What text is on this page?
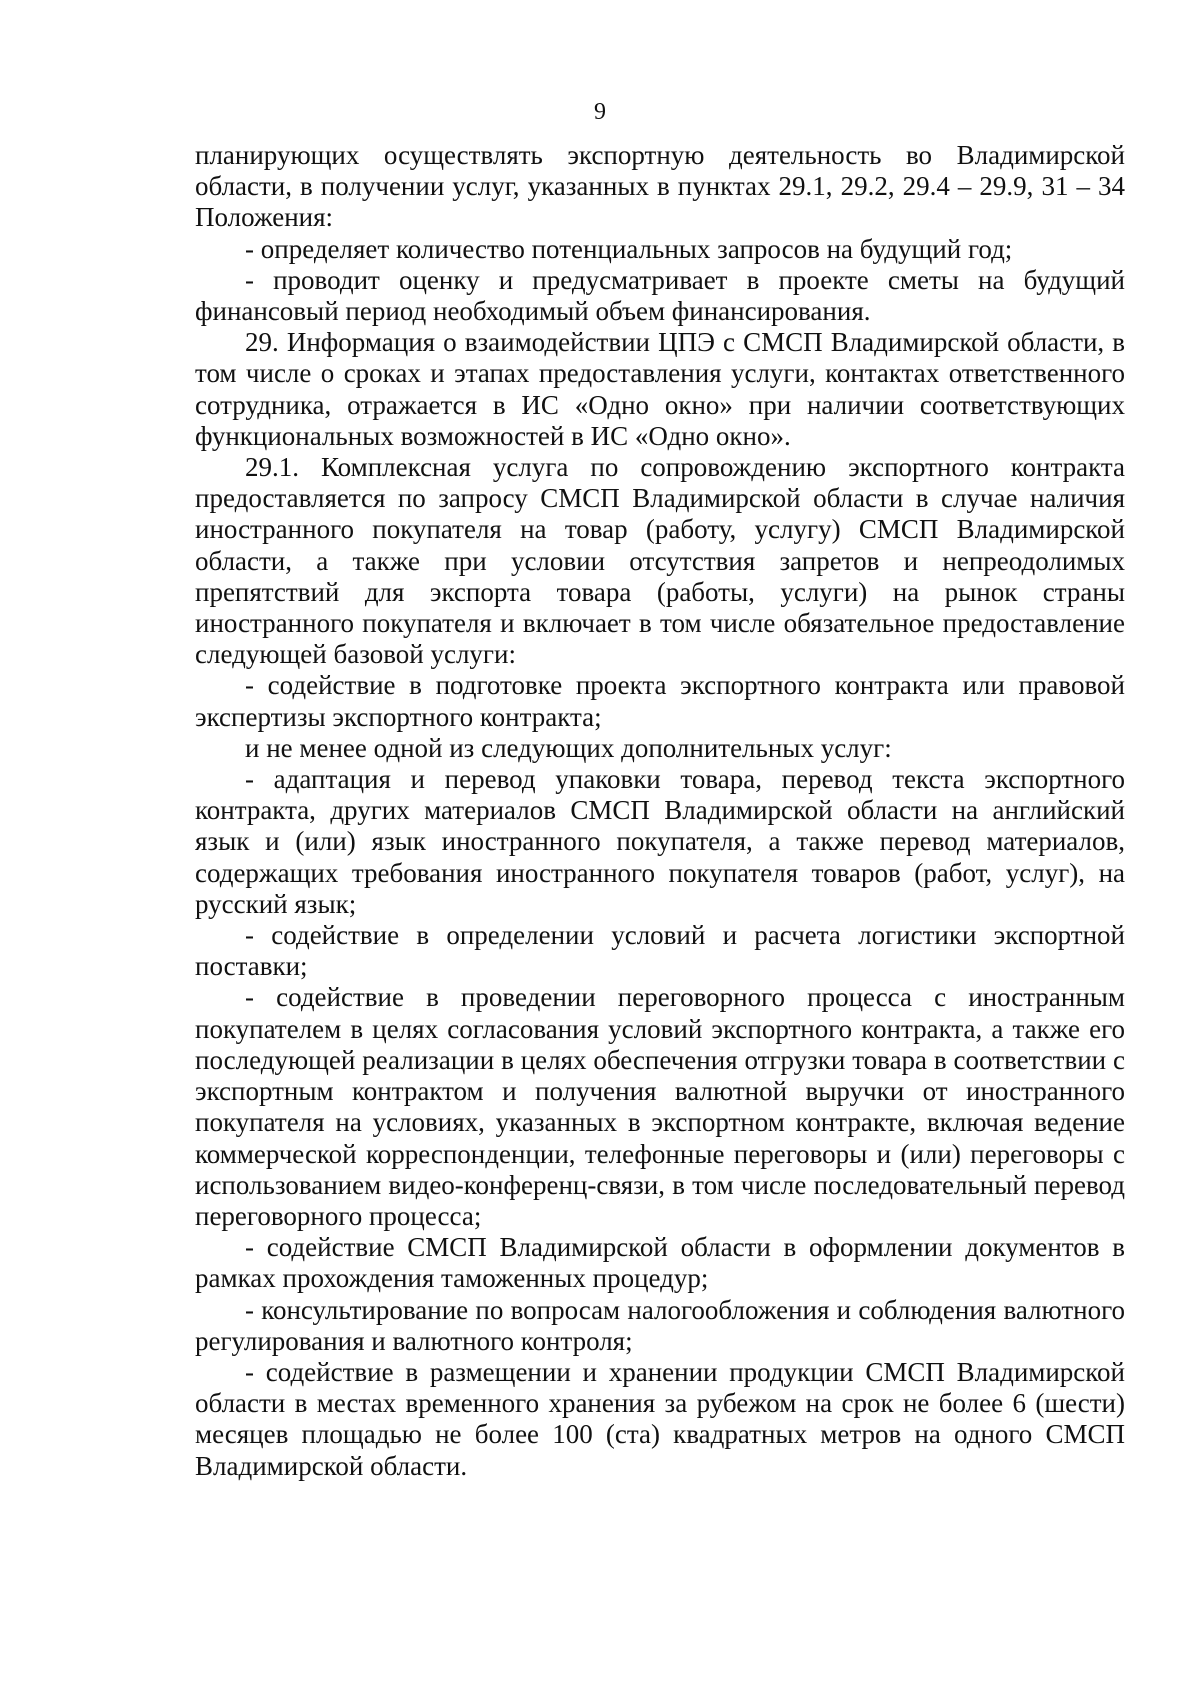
9

планирующих осуществлять экспортную деятельность во Владимирской области, в получении услуг, указанных в пунктах 29.1, 29.2, 29.4 – 29.9, 31 – 34 Положения:

- определяет количество потенциальных запросов на будущий год;

- проводит оценку и предусматривает в проекте сметы на будущий финансовый период необходимый объем финансирования.

29. Информация о взаимодействии ЦПЭ с СМСП Владимирской области, в том числе о сроках и этапах предоставления услуги, контактах ответственного сотрудника, отражается в ИС «Одно окно» при наличии соответствующих функциональных возможностей в ИС «Одно окно».

29.1. Комплексная услуга по сопровождению экспортного контракта предоставляется по запросу СМСП Владимирской области в случае наличия иностранного покупателя на товар (работу, услугу) СМСП Владимирской области, а также при условии отсутствия запретов и непреодолимых препятствий для экспорта товара (работы, услуги) на рынок страны иностранного покупателя и включает в том числе обязательное предоставление следующей базовой услуги:

- содействие в подготовке проекта экспортного контракта или правовой экспертизы экспортного контракта;

и не менее одной из следующих дополнительных услуг:

- адаптация и перевод упаковки товара, перевод текста экспортного контракта, других материалов СМСП Владимирской области на английский язык и (или) язык иностранного покупателя, а также перевод материалов, содержащих требования иностранного покупателя товаров (работ, услуг), на русский язык;

- содействие в определении условий и расчета логистики экспортной поставки;

- содействие в проведении переговорного процесса с иностранным покупателем в целях согласования условий экспортного контракта, а также его последующей реализации в целях обеспечения отгрузки товара в соответствии с экспортным контрактом и получения валютной выручки от иностранного покупателя на условиях, указанных в экспортном контракте, включая ведение коммерческой корреспонденции, телефонные переговоры и (или) переговоры с использованием видео-конференц-связи, в том числе последовательный перевод переговорного процесса;

- содействие СМСП Владимирской области в оформлении документов в рамках прохождения таможенных процедур;

- консультирование по вопросам налогообложения и соблюдения валютного регулирования и валютного контроля;

- содействие в размещении и хранении продукции СМСП Владимирской области в местах временного хранения за рубежом на срок не более 6 (шести) месяцев площадью не более 100 (ста) квадратных метров на одного СМСП Владимирской области.
